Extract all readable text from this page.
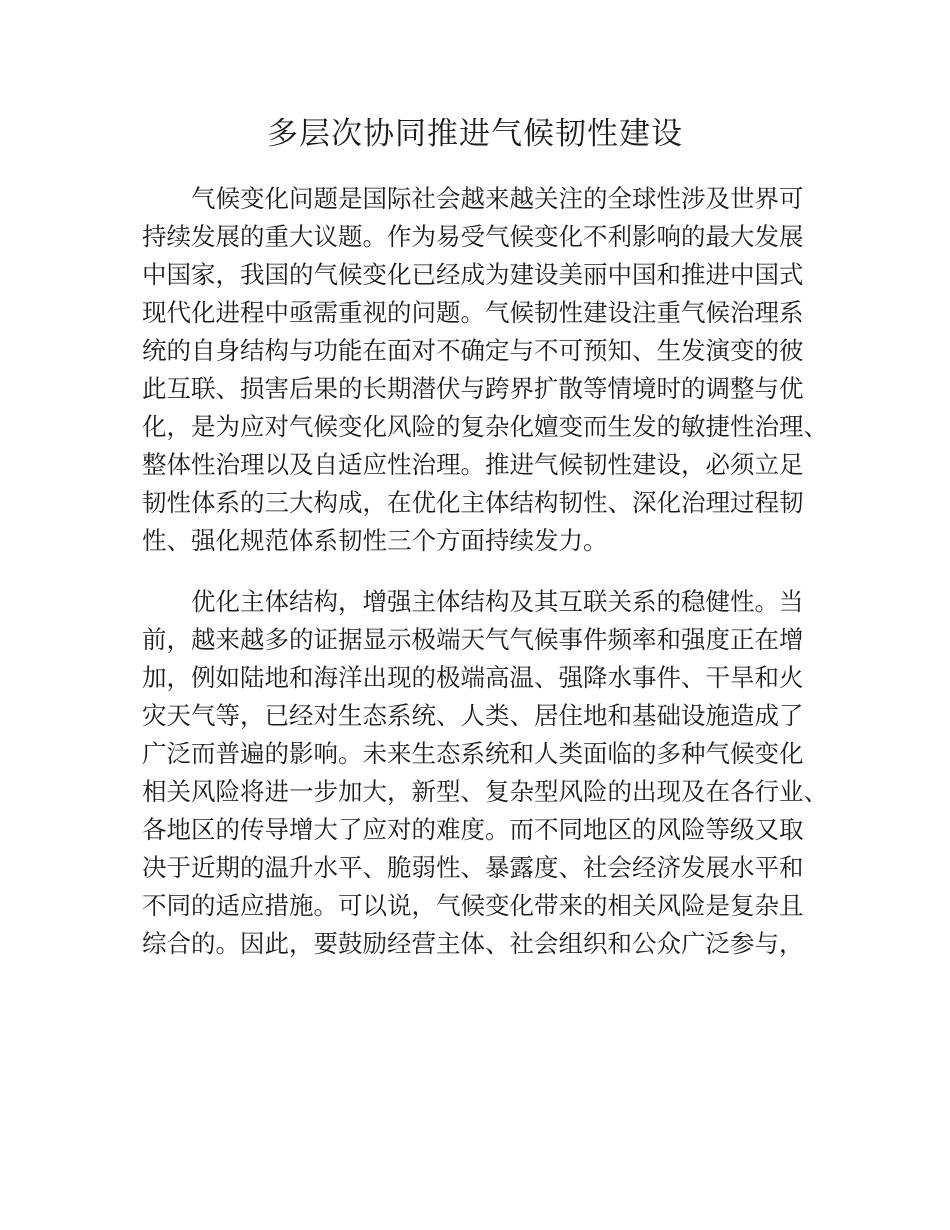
多层次协同推进气候韧性建设

气候变化问题是国际社会越来越关注的全球性涉及世界可

持续发展的重大议题。作为易受气候变化不利影响的最大发展

中国家，我国的气候变化已经成为建设美丽中国和推进中国式

现代化进程中亟需重视的问题。气候韧性建设注重气候治理系

统的自身结构与功能在面对不确定与不可预知、生发演变的彼

此互联、损害后果的长期潜伏与跨界扩散等情境时的调整与优

化，是为应对气候变化风险的复杂化嬗变而生发的敏捷性治理、

整体性治理以及自适应性治理。推进气候韧性建设，必须立足

韧性体系的三大构成，在优化主体结构韧性、深化治理过程韧

性、强化规范体系韧性三个方面持续发力。

优化主体结构，增强主体结构及其互联关系的稳健性。当

前，越来越多的证据显示极端天气气候事件频率和强度正在增

加，例如陆地和海洋出现的极端高温、强降水事件、干旱和火

灾天气等，已经对生态系统、人类、居住地和基础设施造成了

广泛而普遍的影响。未来生态系统和人类面临的多种气候变化

相关风险将进一步加大，新型、复杂型风险的出现及在各行业、

各地区的传导增大了应对的难度。而不同地区的风险等级又取

决于近期的温升水平、脆弱性、暴露度、社会经济发展水平和

不同的适应措施。可以说，气候变化带来的相关风险是复杂且

综合的。因此，要鼓励经营主体、社会组织和公众广泛参与，
